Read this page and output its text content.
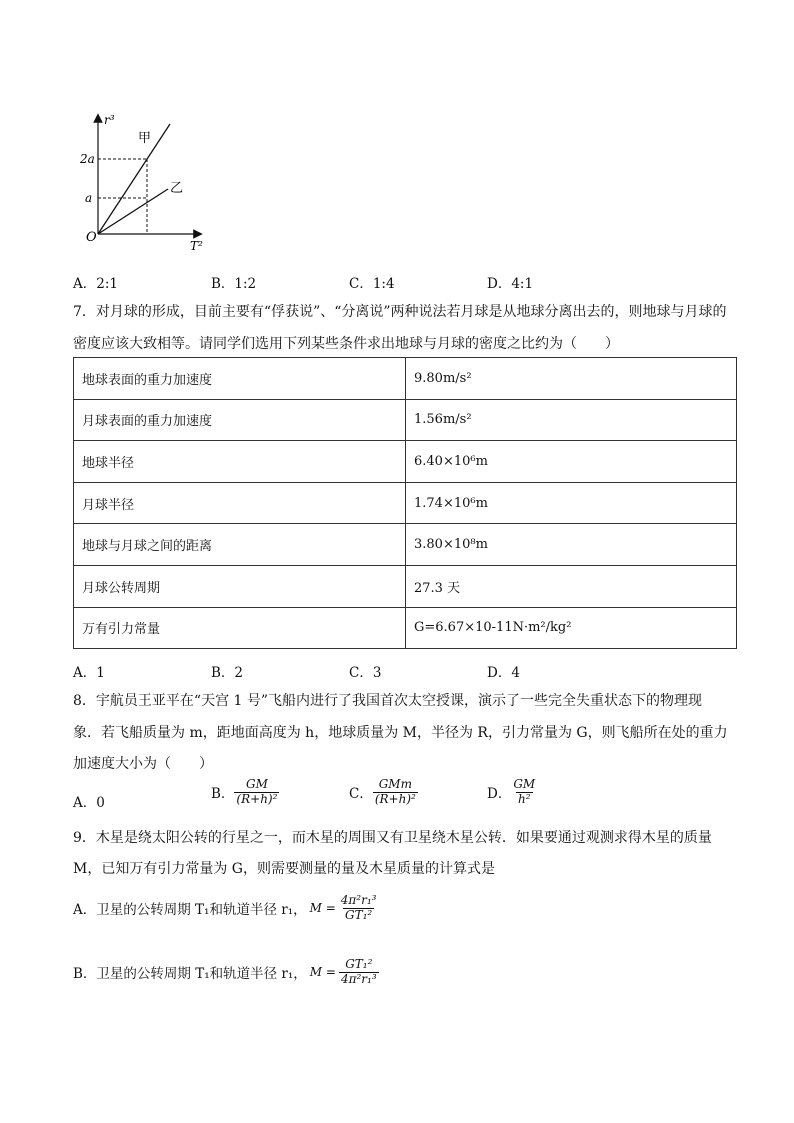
r³
T²
O
2a
a
甲
乙
A．2:1	B．1:2	C．1:4	D．4:1
7．对月球的形成，目前主要有“俘获说”、“分离说”两种说法若月球是从地球分离出去的，则地球与月球的
密度应该大致相等。请同学们选用下列某些条件求出地球与月球的密度之比约为（　　）
地球表面的重力加速度	9.80m/s²
月球表面的重力加速度	1.56m/s²
地球半径	6.40×10⁶m
月球半径	1.74×10⁶m
地球与月球之间的距离	3.80×10⁸m
月球公转周期	27.3 天
万有引力常量	G=6.67×10-11N·m²/kg²
A．1	B．2	C．3	D．4
8．宇航员王亚平在“天宫 1 号”飞船内进行了我国首次太空授课，演示了一些完全失重状态下的物理现
象．若飞船质量为 m，距地面高度为 h，地球质量为 M，半径为 R，引力常量为 G，则飞船所在处的重力
加速度大小为（　　）
A．0
B． $\frac{GM}{\text{(R+h)²}}$	C． $\frac{\text{GMm}}{\text{(R+h)²}}$	D． $\frac{GM}{\text{h²}}$
9．木星是绕太阳公转的行星之一，而木星的周围又有卫星绕木星公转．如果要通过观测求得木星的质量
M，已知万有引力常量为 G，则需要测量的量及木星质量的计算式是
A．卫星的公转周期 T₁和轨道半径 r₁， $M = \frac{\text{4π²r₁³}}{\text{GT₁²}}$
B．卫星的公转周期 T₁和轨道半径 r₁， $M = \frac{\text{GT₁²}}{\text{4π²r₁³}}$
